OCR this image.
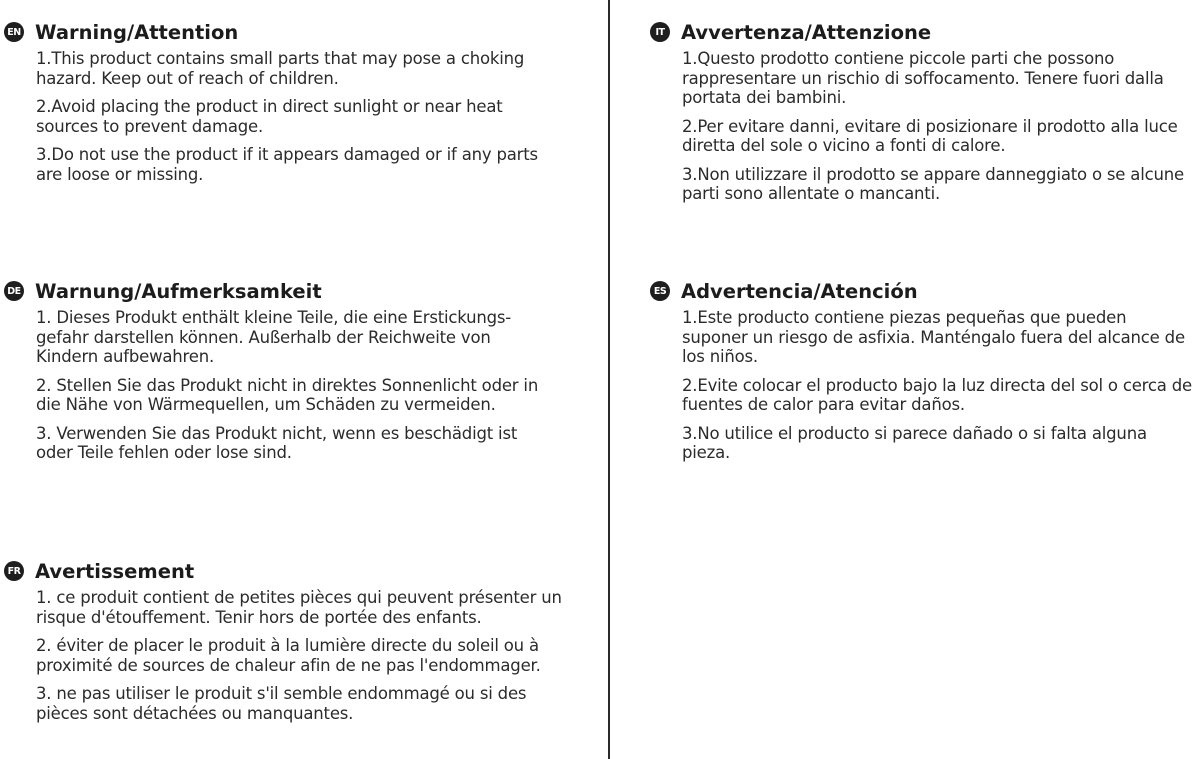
EN Warning/Attention

1.This product contains small parts that may pose a choking hazard. Keep out of reach of children.

2.Avoid placing the product in direct sunlight or near heat sources to prevent damage.

3.Do not use the product if it appears damaged or if any parts are loose or missing.

DE Warnung/Aufmerksamkeit

1. Dieses Produkt enthält kleine Teile, die eine Erstickungs-gefahr darstellen können. Außerhalb der Reichweite von Kindern aufbewahren.

2. Stellen Sie das Produkt nicht in direktes Sonnenlicht oder in die Nähe von Wärmequellen, um Schäden zu vermeiden.

3. Verwenden Sie das Produkt nicht, wenn es beschädigt ist oder Teile fehlen oder lose sind.

FR Avertissement

1. ce produit contient de petites pièces qui peuvent présenter un risque d'étouffement. Tenir hors de portée des enfants.

2. éviter de placer le produit à la lumière directe du soleil ou à proximité de sources de chaleur afin de ne pas l'endommager.

3. ne pas utiliser le produit s'il semble endommagé ou si des pièces sont détachées ou manquantes.

IT Avvertenza/Attenzione

1.Questo prodotto contiene piccole parti che possono rappresentare un rischio di soffocamento. Tenere fuori dalla portata dei bambini.

2.Per evitare danni, evitare di posizionare il prodotto alla luce diretta del sole o vicino a fonti di calore.

3.Non utilizzare il prodotto se appare danneggiato o se alcune parti sono allentate o mancanti.

ES Advertencia/Atención

1.Este producto contiene piezas pequeñas que pueden suponer un riesgo de asfixia. Manténgalo fuera del alcance de los niños.

2.Evite colocar el producto bajo la luz directa del sol o cerca de fuentes de calor para evitar daños.

3.No utilice el producto si parece dañado o si falta alguna pieza.
